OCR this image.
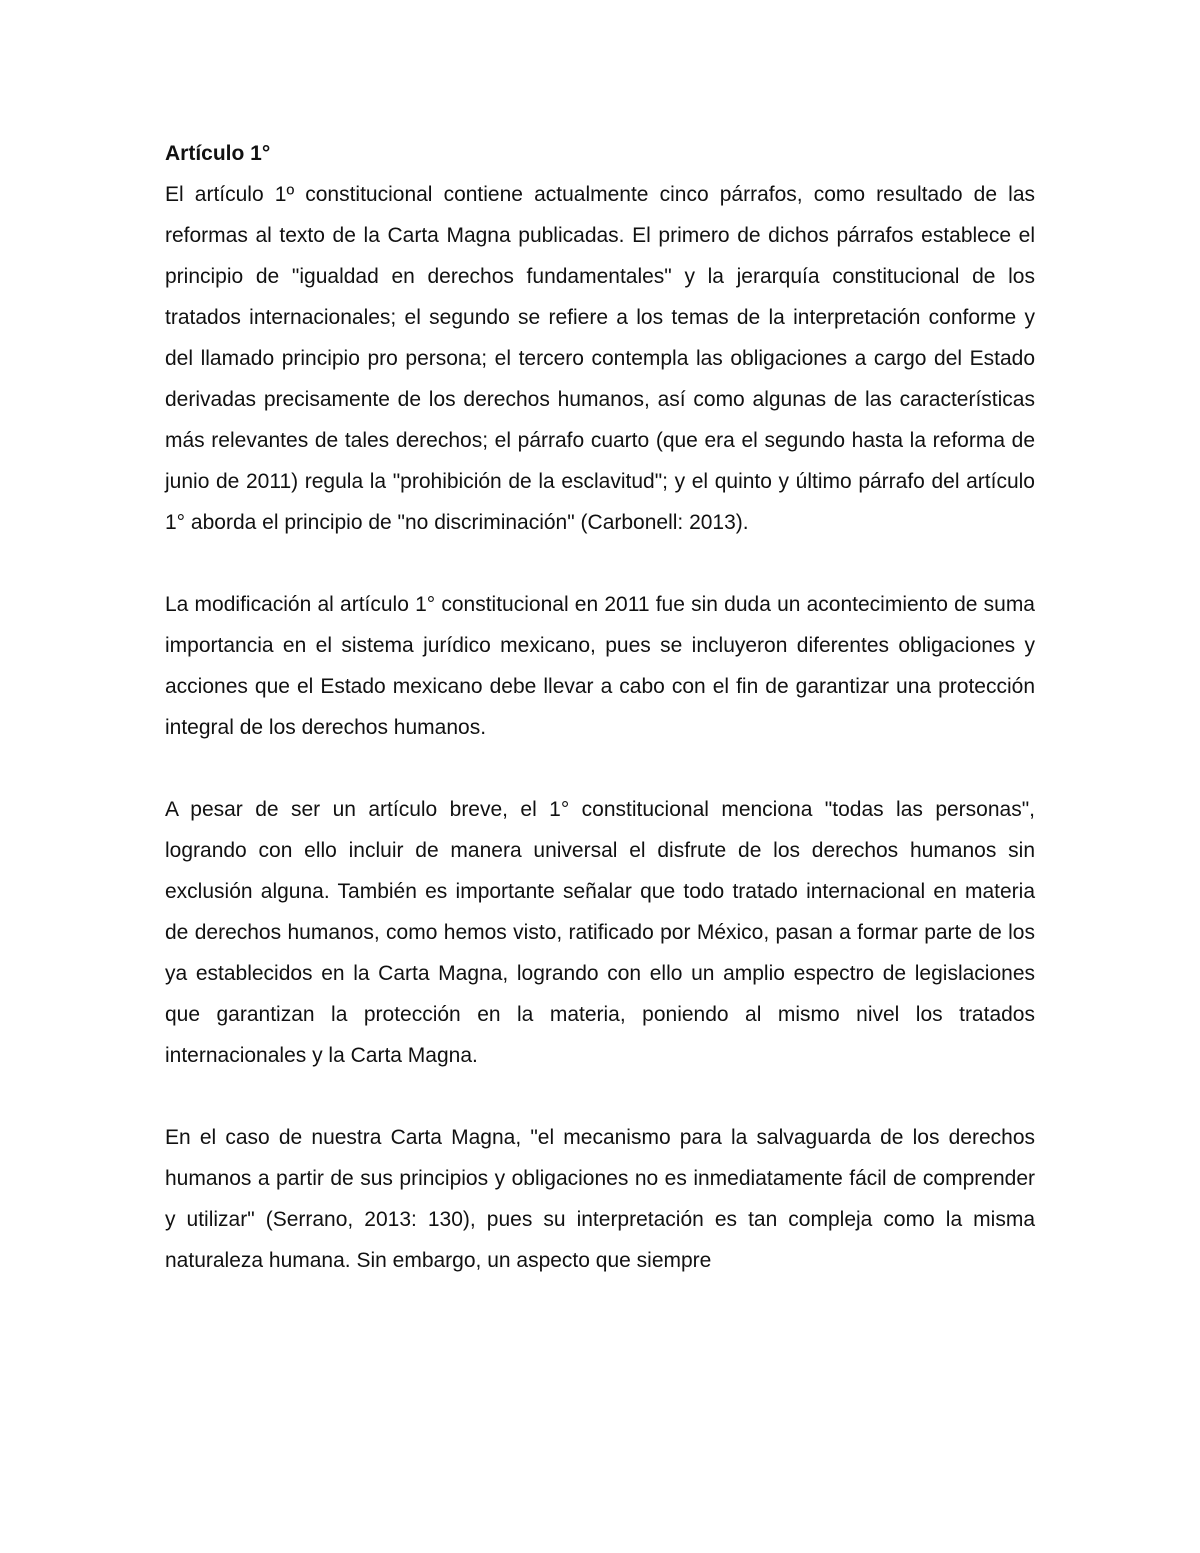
Artículo 1°

El artículo 1º constitucional contiene actualmente cinco párrafos, como resultado de las reformas al texto de la Carta Magna publicadas. El primero de dichos párrafos establece el principio de "igualdad en derechos fundamentales" y la jerarquía constitucional de los tratados internacionales; el segundo se refiere a los temas de la interpretación conforme y del llamado principio pro persona; el tercero contempla las obligaciones a cargo del Estado derivadas precisamente de los derechos humanos, así como algunas de las características más relevantes de tales derechos; el párrafo cuarto (que era el segundo hasta la reforma de junio de 2011) regula la "prohibición de la esclavitud"; y el quinto y último párrafo del artículo 1° aborda el principio de "no discriminación" (Carbonell: 2013).

La modificación al artículo 1° constitucional en 2011 fue sin duda un acontecimiento de suma importancia en el sistema jurídico mexicano, pues se incluyeron diferentes obligaciones y acciones que el Estado mexicano debe llevar a cabo con el fin de garantizar una protección integral de los derechos humanos.

A pesar de ser un artículo breve, el 1° constitucional menciona "todas las personas", logrando con ello incluir de manera universal el disfrute de los derechos humanos sin exclusión alguna. También es importante señalar que todo tratado internacional en materia de derechos humanos, como hemos visto, ratificado por México, pasan a formar parte de los ya establecidos en la Carta Magna, logrando con ello un amplio espectro de legislaciones que garantizan la protección en la materia, poniendo al mismo nivel los tratados internacionales y la Carta Magna.

En el caso de nuestra Carta Magna, "el mecanismo para la salvaguarda de los derechos humanos a partir de sus principios y obligaciones no es inmediatamente fácil de comprender y utilizar" (Serrano, 2013: 130), pues su interpretación es tan compleja como la misma naturaleza humana. Sin embargo, un aspecto que siempre
